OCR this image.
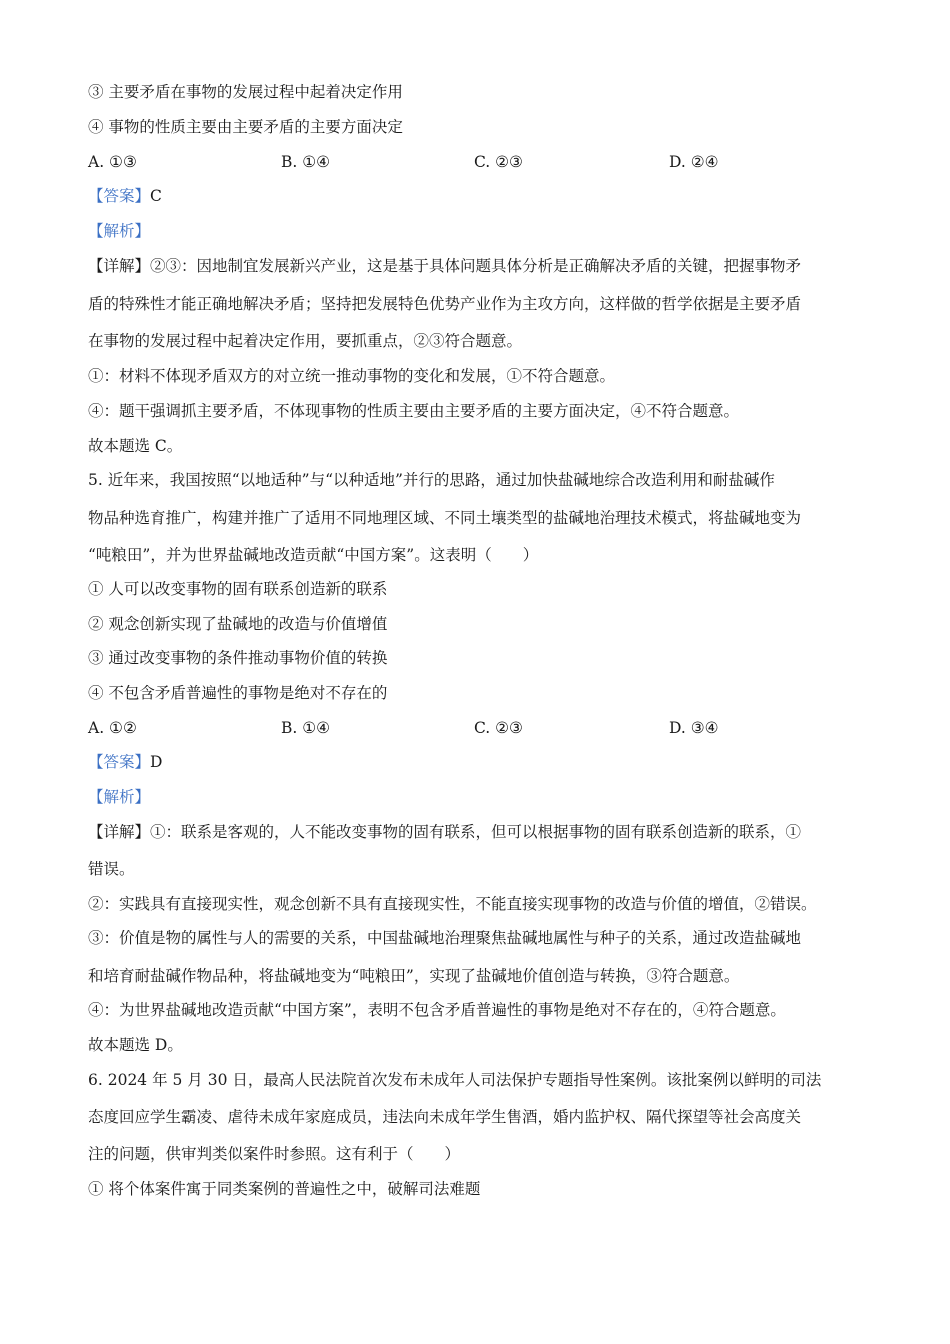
③ 主要矛盾在事物的发展过程中起着决定作用
④ 事物的性质主要由主要矛盾的主要方面决定
A. ①③	B. ①④	C. ②③	D. ②④
【答案】C
【解析】
【详解】②③：因地制宜发展新兴产业，这是基于具体问题具体分析是正确解决矛盾的关键，把握事物矛
盾的特殊性才能正确地解决矛盾；坚持把发展特色优势产业作为主攻方向，这样做的哲学依据是主要矛盾
在事物的发展过程中起着决定作用，要抓重点，②③符合题意。
①：材料不体现矛盾双方的对立统一推动事物的变化和发展，①不符合题意。
④：题干强调抓主要矛盾，不体现事物的性质主要由主要矛盾的主要方面决定，④不符合题意。
故本题选 C。
5. 近年来，我国按照“以地适种”与“以种适地”并行的思路，通过加快盐碱地综合改造利用和耐盐碱作
物品种选育推广，构建并推广了适用不同地理区域、不同土壤类型的盐碱地治理技术模式，将盐碱地变为
“吨粮田”，并为世界盐碱地改造贡献“中国方案”。这表明（　　）
① 人可以改变事物的固有联系创造新的联系
② 观念创新实现了盐碱地的改造与价值增值
③ 通过改变事物的条件推动事物价值的转换
④ 不包含矛盾普遍性的事物是绝对不存在的
A. ①②	B. ①④	C. ②③	D. ③④
【答案】D
【解析】
【详解】①：联系是客观的，人不能改变事物的固有联系，但可以根据事物的固有联系创造新的联系，①
错误。
②：实践具有直接现实性，观念创新不具有直接现实性，不能直接实现事物的改造与价值的增值，②错误。
③：价值是物的属性与人的需要的关系，中国盐碱地治理聚焦盐碱地属性与种子的关系，通过改造盐碱地
和培育耐盐碱作物品种，将盐碱地变为“吨粮田”，实现了盐碱地价值创造与转换，③符合题意。
④：为世界盐碱地改造贡献“中国方案”，表明不包含矛盾普遍性的事物是绝对不存在的，④符合题意。
故本题选 D。
6. 2024 年 5 月 30 日，最高人民法院首次发布未成年人司法保护专题指导性案例。该批案例以鲜明的司法
态度回应学生霸凌、虐待未成年家庭成员，违法向未成年学生售酒，婚内监护权、隔代探望等社会高度关
注的问题，供审判类似案件时参照。这有利于（　　）
① 将个体案件寓于同类案例的普遍性之中，破解司法难题
